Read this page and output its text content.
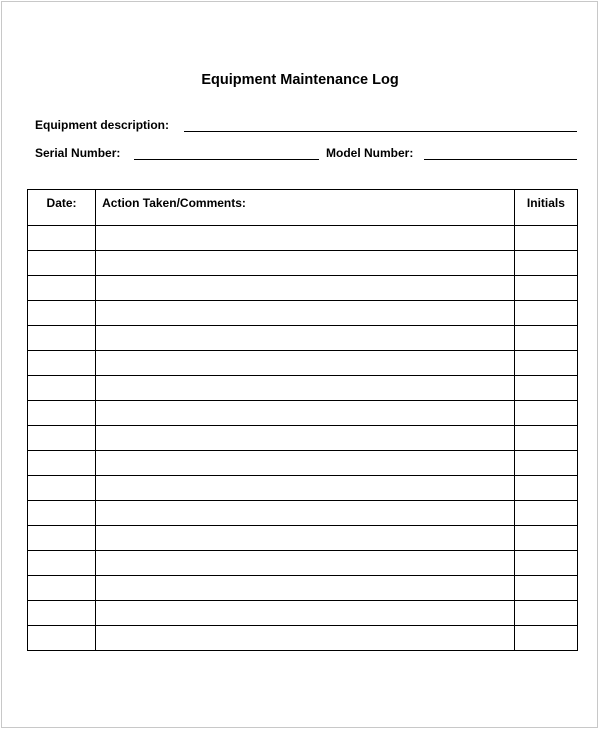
Equipment Maintenance Log
Equipment description:
Serial Number:	Model Number:
Date:	Action Taken/Comments:	Initials
